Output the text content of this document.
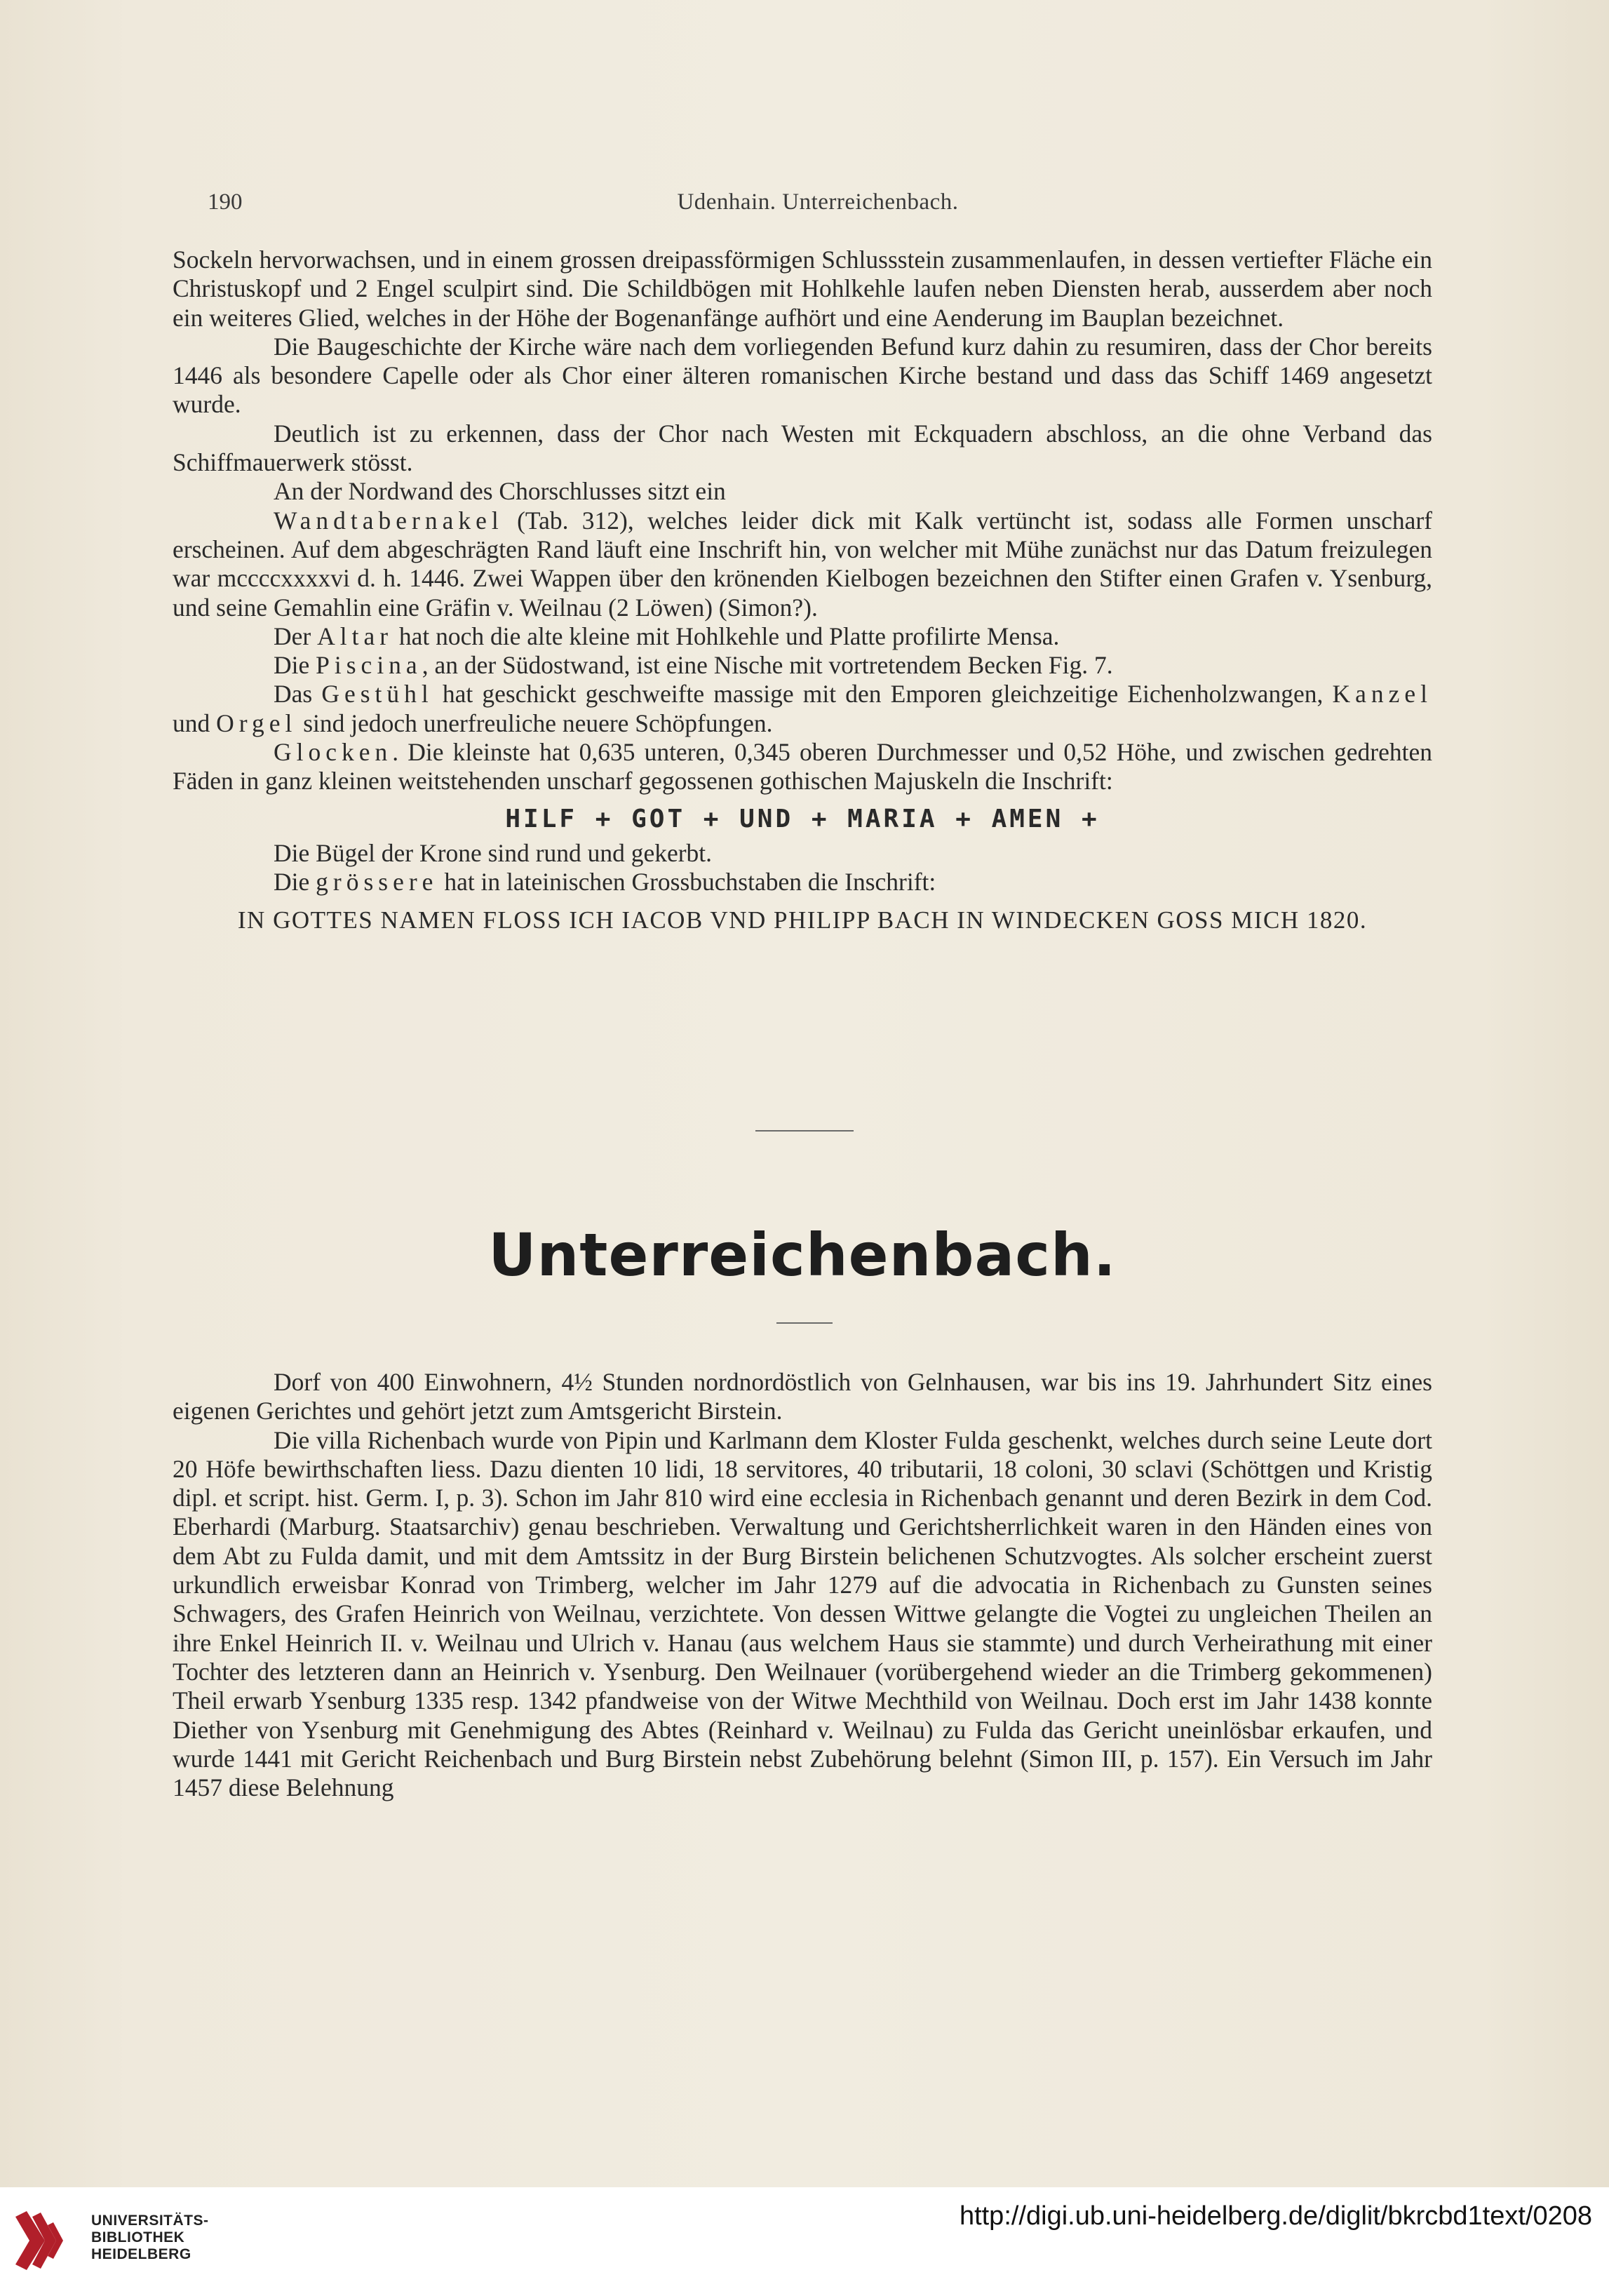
190	Udenhain. Unterreichenbach.

Sockeln hervorwachsen, und in einem grossen dreipassförmigen Schlussstein zusammenlaufen, in dessen vertiefter Fläche ein Christuskopf und 2 Engel sculpirt sind. Die Schildbögen mit Hohlkehle laufen neben Diensten herab, ausserdem aber noch ein weiteres Glied, welches in der Höhe der Bogenanfänge aufhört und eine Aenderung im Bauplan bezeichnet.

Die Baugeschichte der Kirche wäre nach dem vorliegenden Befund kurz dahin zu resumiren, dass der Chor bereits 1446 als besondere Capelle oder als Chor einer älteren romanischen Kirche bestand und dass das Schiff 1469 angesetzt wurde.

Deutlich ist zu erkennen, dass der Chor nach Westen mit Eckquadern abschloss, an die ohne Verband das Schiffmauerwerk stösst.

An der Nordwand des Chorschlusses sitzt ein

Wandtabernakel (Tab. 312), welches leider dick mit Kalk vertüncht ist, sodass alle Formen unscharf erscheinen. Auf dem abgeschrägten Rand läuft eine Inschrift hin, von welcher mit Mühe zunächst nur das Datum freizulegen war mccccxxxxvi d. h. 1446. Zwei Wappen über den krönenden Kielbogen bezeichnen den Stifter einen Grafen v. Ysenburg, und seine Gemahlin eine Gräfin v. Weilnau (2 Löwen) (Simon?).

Der Altar hat noch die alte kleine mit Hohlkehle und Platte profilirte Mensa.

Die Piscina, an der Südostwand, ist eine Nische mit vortretendem Becken Fig. 7.

Das Gestühl hat geschickt geschweifte massige mit den Emporen gleichzeitige Eichenholzwangen, Kanzel und Orgel sind jedoch unerfreuliche neuere Schöpfungen.

Glocken. Die kleinste hat 0,635 unteren, 0,345 oberen Durchmesser und 0,52 Höhe, und zwischen gedrehten Fäden in ganz kleinen weitstehenden unscharf gegossenen gothischen Majuskeln die Inschrift:

HILF + GOT + UND + MARIA + AMEN +

Die Bügel der Krone sind rund und gekerbt.

Die grössere hat in lateinischen Grossbuchstaben die Inschrift:

IN GOTTES NAMEN FLOSS ICH IACOB VND PHILIPP BACH IN WINDECKEN GOSS MICH 1820.

Unterreichenbach.

Dorf von 400 Einwohnern, 4½ Stunden nordnordöstlich von Gelnhausen, war bis ins 19. Jahrhundert Sitz eines eigenen Gerichtes und gehört jetzt zum Amtsgericht Birstein.

Die villa Richenbach wurde von Pipin und Karlmann dem Kloster Fulda geschenkt, welches durch seine Leute dort 20 Höfe bewirthschaften liess. Dazu dienten 10 lidi, 18 servitores, 40 tributarii, 18 coloni, 30 sclavi (Schöttgen und Kristig dipl. et script. hist. Germ. I, p. 3). Schon im Jahr 810 wird eine ecclesia in Richenbach genannt und deren Bezirk in dem Cod. Eberhardi (Marburg. Staatsarchiv) genau beschrieben. Verwaltung und Gerichtsherrlichkeit waren in den Händen eines von dem Abt zu Fulda damit, und mit dem Amtssitz in der Burg Birstein belichenen Schutzvogtes. Als solcher erscheint zuerst urkundlich erweisbar Konrad von Trimberg, welcher im Jahr 1279 auf die advocatia in Richenbach zu Gunsten seines Schwagers, des Grafen Heinrich von Weilnau, verzichtete. Von dessen Wittwe gelangte die Vogtei zu ungleichen Theilen an ihre Enkel Heinrich II. v. Weilnau und Ulrich v. Hanau (aus welchem Haus sie stammte) und durch Verheirathung mit einer Tochter des letzteren dann an Heinrich v. Ysenburg. Den Weilnauer (vorübergehend wieder an die Trimberg gekommenen) Theil erwarb Ysenburg 1335 resp. 1342 pfandweise von der Witwe Mechthild von Weilnau. Doch erst im Jahr 1438 konnte Diether von Ysenburg mit Genehmigung des Abtes (Reinhard v. Weilnau) zu Fulda das Gericht uneinlösbar erkaufen, und wurde 1441 mit Gericht Reichenbach und Burg Birstein nebst Zubehörung belehnt (Simon III, p. 157). Ein Versuch im Jahr 1457 diese Belehnung

UNIVERSITÄTS-
BIBLIOTHEK
HEIDELBERG
http://digi.ub.uni-heidelberg.de/diglit/bkrcbd1text/0208
